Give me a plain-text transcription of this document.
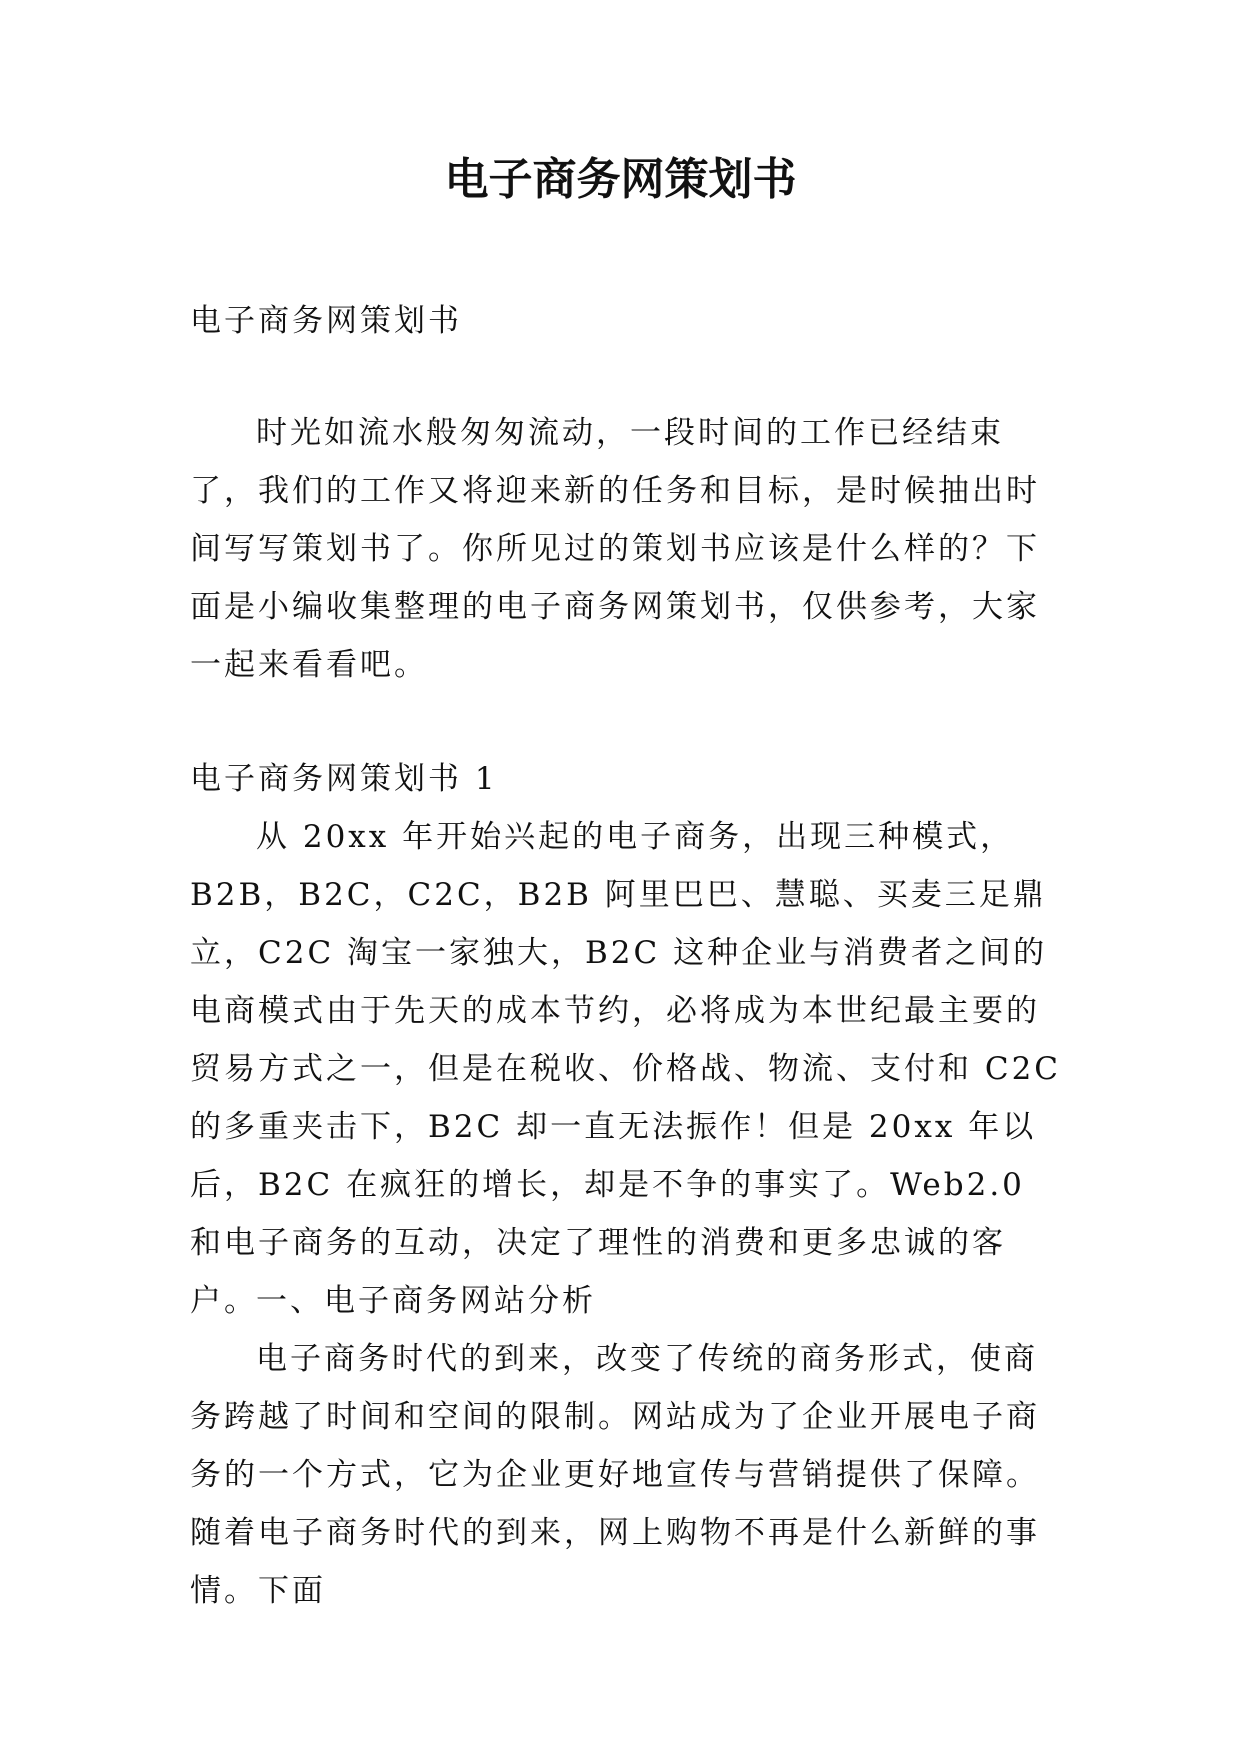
电子商务网策划书

电子商务网策划书

时光如流水般匆匆流动，一段时间的工作已经结束了，我们的工作又将迎来新的任务和目标，是时候抽出时间写写策划书了。你所见过的策划书应该是什么样的？下面是小编收集整理的电子商务网策划书，仅供参考，大家一起来看看吧。

电子商务网策划书 1

从 20xx 年开始兴起的电子商务，出现三种模式，B2B，B2C，C2C，B2B 阿里巴巴、慧聪、买麦三足鼎立，C2C 淘宝一家独大，B2C 这种企业与消费者之间的电商模式由于先天的成本节约，必将成为本世纪最主要的贸易方式之一，但是在税收、价格战、物流、支付和 C2C 的多重夹击下，B2C 却一直无法振作！但是 20xx 年以后，B2C 在疯狂的增长，却是不争的事实了。Web2.0 和电子商务的互动，决定了理性的消费和更多忠诚的客户。

一、电子商务网站分析

电子商务时代的到来，改变了传统的商务形式，使商务跨越了时间和空间的限制。网站成为了企业开展电子商务的一个方式，它为企业更好地宣传与营销提供了保障。随着电子商务时代的到来，网上购物不再是什么新鲜的事情。下面
